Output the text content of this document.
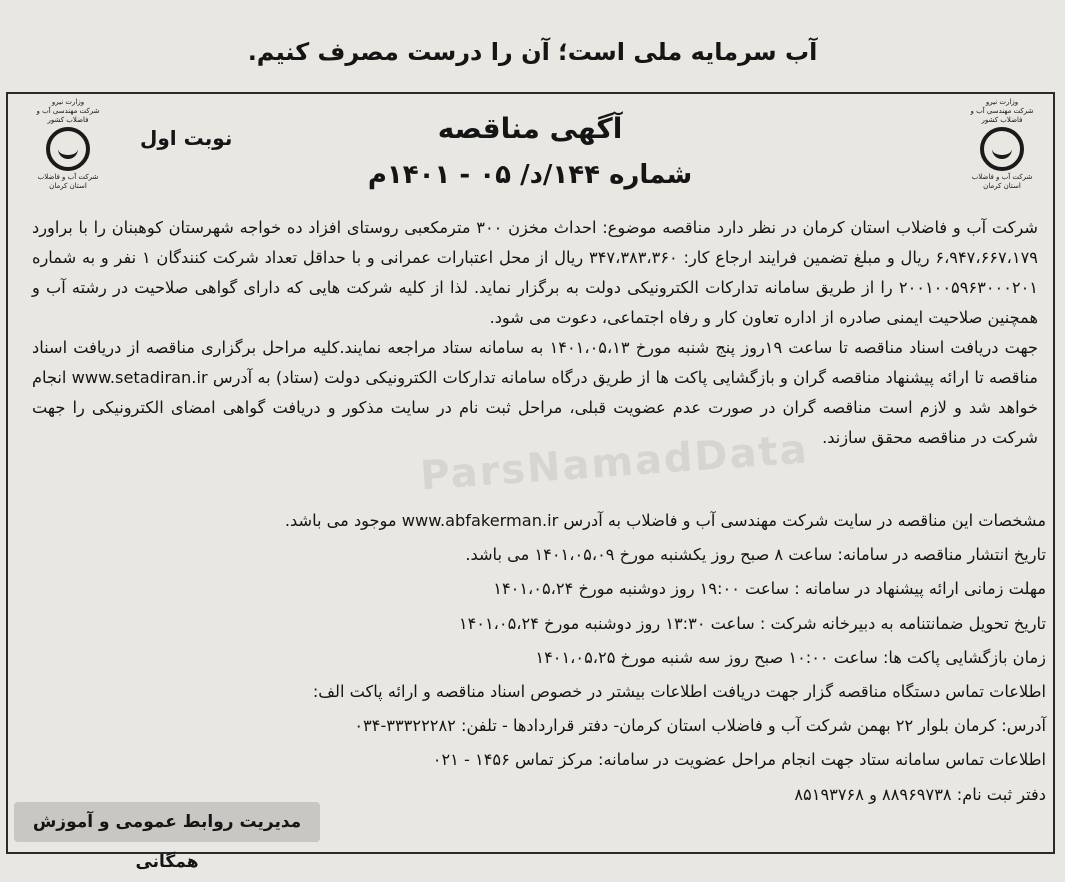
آب سرمایه ملی است؛ آن را درست مصرف کنیم.
ParsNamadData
وزارت نیرو
شرکت مهندسی آب و فاضلاب کشور
شرکت آب و فاضلاب استان کرمان
وزارت نیرو
شرکت مهندسی آب و فاضلاب کشور
شرکت آب و فاضلاب استان کرمان
نوبت اول	آگهی مناقصه
شماره ۱۴۴/د/ ۰۵ - ۱۴۰۱م

شرکت آب و فاضلاب استان کرمان در نظر دارد مناقصه موضوع: احداث مخزن ۳۰۰ مترمکعبی روستای افزاد ده خواجه شهرستان کوهبنان را با براورد ۶،۹۴۷،۶۶۷،۱۷۹ ریال و مبلغ تضمین فرایند ارجاع کار: ۳۴۷،۳۸۳،۳۶۰ ریال از محل اعتبارات عمرانی و با حداقل تعداد شرکت کنندگان ۱ نفر و به شماره ۲۰۰۱۰۰۵۹۶۳۰۰۰۲۰۱ را از طریق سامانه تدارکات الکترونیکی دولت به برگزار نماید. لذا از کلیه شرکت هایی که دارای گواهی صلاحیت در رشته آب و همچنین صلاحیت ایمنی صادره از اداره تعاون کار و رفاه اجتماعی، دعوت می شود.

جهت دریافت اسناد مناقصه تا ساعت ۱۹روز پنج شنبه مورخ ۱۴۰۱،۰۵،۱۳ به سامانه ستاد مراجعه نمایند.کلیه مراحل برگزاری مناقصه از دریافت اسناد مناقصه تا ارائه پیشنهاد مناقصه گران و بازگشایی پاکت ها از طریق درگاه سامانه تدارکات الکترونیکی دولت (ستاد) به آدرس www.setadiran.ir انجام خواهد شد و لازم است مناقصه گران در صورت عدم عضویت قبلی، مراحل ثبت نام در سایت مذکور و دریافت گواهی امضای الکترونیکی را جهت شرکت در مناقصه محقق سازند.

مشخصات این مناقصه در سایت شرکت مهندسی آب و فاضلاب به آدرس www.abfakerman.ir موجود می باشد.
تاریخ انتشار مناقصه در سامانه: ساعت ۸ صبح روز یکشنبه مورخ ۱۴۰۱،۰۵،۰۹ می باشد.
مهلت زمانی ارائه پیشنهاد در سامانه : ساعت ۱۹:۰۰ روز دوشنبه مورخ ۱۴۰۱،۰۵،۲۴
تاریخ تحویل ضمانتنامه به دبیرخانه شرکت : ساعت ۱۳:۳۰ روز دوشنبه مورخ ۱۴۰۱،۰۵،۲۴
زمان بازگشایی پاکت ها: ساعت ۱۰:۰۰ صبح روز سه شنبه مورخ ۱۴۰۱،۰۵،۲۵
اطلاعات تماس دستگاه مناقصه گزار جهت دریافت اطلاعات بیشتر در خصوص اسناد مناقصه و ارائه پاکت الف:
آدرس: کرمان بلوار ۲۲ بهمن شرکت آب و فاضلاب استان کرمان- دفتر قراردادها - تلفن: ۳۳۳۲۲۲۸۲-۰۳۴
اطلاعات تماس سامانه ستاد جهت انجام مراحل عضویت در سامانه: مرکز تماس ۱۴۵۶ - ۰۲۱
دفتر ثبت نام: ۸۸۹۶۹۷۳۸ و ۸۵۱۹۳۷۶۸
مدیریت روابط عمومی و آموزش همگانی
